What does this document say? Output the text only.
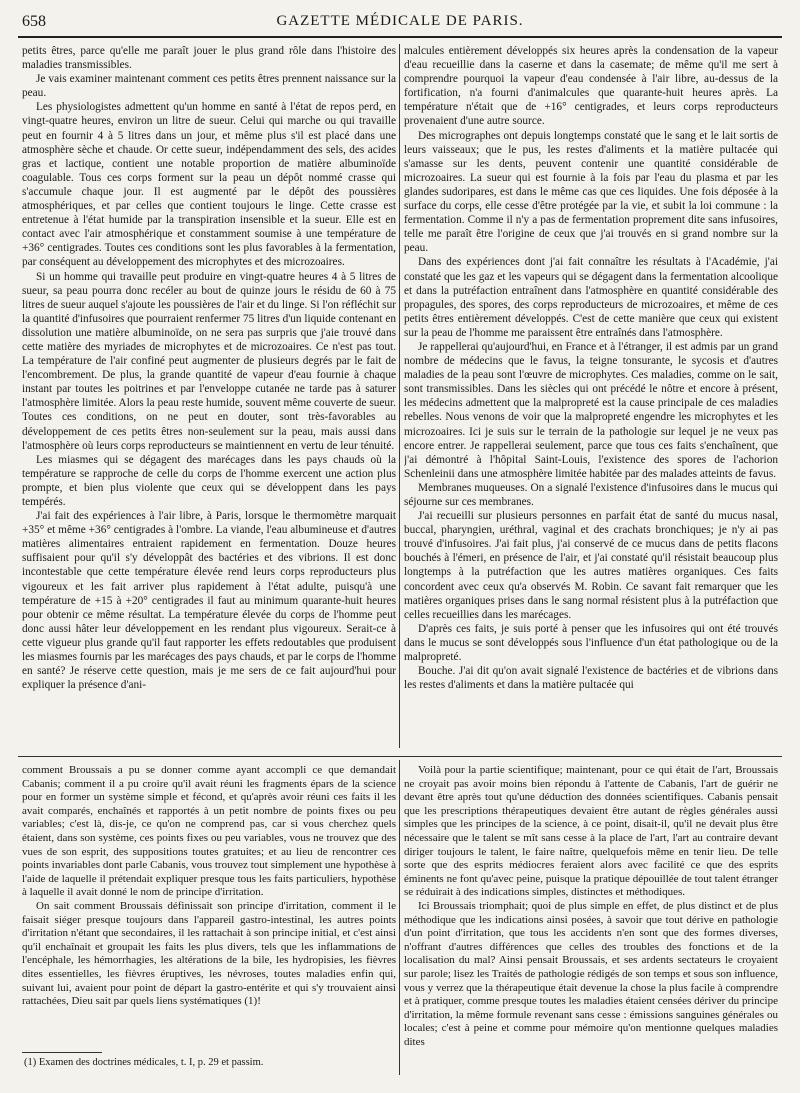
658	GAZETTE MÉDICALE DE PARIS.

petits êtres, parce qu'elle me paraît jouer le plus grand rôle dans l'histoire des maladies transmissibles.

Je vais examiner maintenant comment ces petits êtres prennent naissance sur la peau.

Les physiologistes admettent qu'un homme en santé à l'état de repos perd, en vingt-quatre heures, environ un litre de sueur. Celui qui marche ou qui travaille peut en fournir 4 à 5 litres dans un jour, et même plus s'il est placé dans une atmosphère sèche et chaude. Or cette sueur, indépendamment des sels, des acides gras et lactique, contient une notable proportion de matière albuminoïde coagulable. Tous ces corps forment sur la peau un dépôt nommé crasse qui s'accumule chaque jour. Il est augmenté par le dépôt des poussières atmosphériques, et par celles que contient toujours le linge. Cette crasse est entretenue à l'état humide par la transpiration insensible et la sueur. Elle est en contact avec l'air atmosphérique et constamment soumise à une température de +36° centigrades. Toutes ces conditions sont les plus favorables à la fermentation, par conséquent au développement des microphytes et des microzoaires.

Si un homme qui travaille peut produire en vingt-quatre heures 4 à 5 litres de sueur, sa peau pourra donc recéler au bout de quinze jours le résidu de 60 à 75 litres de sueur auquel s'ajoute les poussières de l'air et du linge. Si l'on réfléchit sur la quantité d'infusoires que pourraient renfermer 75 litres d'un liquide contenant en dissolution une matière albuminoïde, on ne sera pas surpris que j'aie trouvé dans cette matière des myriades de microphytes et de microzoaires. Ce n'est pas tout. La température de l'air confiné peut augmenter de plusieurs degrés par le fait de l'encombrement. De plus, la grande quantité de vapeur d'eau fournie à chaque instant par toutes les poitrines et par l'enveloppe cutanée ne tarde pas à saturer l'atmosphère limitée. Alors la peau reste humide, souvent même couverte de sueur. Toutes ces conditions, on ne peut en douter, sont très-favorables au développement de ces petits êtres non-seulement sur la peau, mais aussi dans l'atmosphère où leurs corps reproducteurs se maintiennent en vertu de leur ténuité.

Les miasmes qui se dégagent des marécages dans les pays chauds où la température se rapproche de celle du corps de l'homme exercent une action plus prompte, et bien plus violente que ceux qui se développent dans les pays tempérés.

J'ai fait des expériences à l'air libre, à Paris, lorsque le thermomètre marquait +35° et même +36° centigrades à l'ombre. La viande, l'eau albumineuse et d'autres matières alimentaires entraient rapidement en fermentation. Douze heures suffisaient pour qu'il s'y développât des bactéries et des vibrions. Il est donc incontestable que cette température élevée rend leurs corps reproducteurs plus vigoureux et les fait arriver plus rapidement à l'état adulte, puisqu'à une température de +15 à +20° centigrades il faut au minimum quarante-huit heures pour obtenir ce même résultat. La température élevée du corps de l'homme peut donc aussi hâter leur développement en les rendant plus vigoureux. Serait-ce à cette vigueur plus grande qu'il faut rapporter les effets redoutables que produisent les miasmes fournis par les marécages des pays chauds, et par le corps de l'homme en santé? Je réserve cette question, mais je me sers de ce fait aujourd'hui pour expliquer la présence d'ani-

malcules entièrement développés six heures après la condensation de la vapeur d'eau recueillie dans la caserne et dans la casemate; de même qu'il me sert à comprendre pourquoi la vapeur d'eau condensée à l'air libre, au-dessus de la fortification, n'a fourni d'animalcules que quarante-huit heures après. La température n'était que de +16° centigrades, et leurs corps reproducteurs provenaient d'une autre source.

Des micrographes ont depuis longtemps constaté que le sang et le lait sortis de leurs vaisseaux; que le pus, les restes d'aliments et la matière pultacée qui s'amasse sur les dents, peuvent contenir une quantité considérable de microzoaires. La sueur qui est fournie à la fois par l'eau du plasma et par les glandes sudoripares, est dans le même cas que ces liquides. Une fois déposée à la surface du corps, elle cesse d'être protégée par la vie, et subit la loi commune : la fermentation. Comme il n'y a pas de fermentation proprement dite sans infusoires, telle me paraît être l'origine de ceux que j'ai trouvés en si grand nombre sur la peau.

Dans des expériences dont j'ai fait connaître les résultats à l'Académie, j'ai constaté que les gaz et les vapeurs qui se dégagent dans la fermentation alcoolique et dans la putréfaction entraînent dans l'atmosphère en quantité considérable des propagules, des spores, des corps reproducteurs de microzoaires, et même de ces petits êtres entièrement développés. C'est de cette manière que ceux qui existent sur la peau de l'homme me paraissent être entraînés dans l'atmosphère.

Je rappellerai qu'aujourd'hui, en France et à l'étranger, il est admis par un grand nombre de médecins que le favus, la teigne tonsurante, le sycosis et d'autres maladies de la peau sont l'œuvre de microphytes. Ces maladies, comme on le sait, sont transmissibles. Dans les siècles qui ont précédé le nôtre et encore à présent, les médecins admettent que la malpropreté est la cause principale de ces maladies rebelles. Nous venons de voir que la malpropreté engendre les microphytes et les microzoaires. Ici je suis sur le terrain de la pathologie sur lequel je ne veux pas encore entrer. Je rappellerai seulement, parce que tous ces faits s'enchaînent, que j'ai démontré à l'hôpital Saint-Louis, l'existence des spores de l'achorion Schenleinii dans une atmosphère limitée habitée par des malades atteints de favus.

Membranes muqueuses. On a signalé l'existence d'infusoires dans le mucus qui séjourne sur ces membranes.

J'ai recueilli sur plusieurs personnes en parfait état de santé du mucus nasal, buccal, pharyngien, uréthral, vaginal et des crachats bronchiques; je n'y ai pas trouvé d'infusoires. J'ai fait plus, j'ai conservé de ce mucus dans de petits flacons bouchés à l'émeri, en présence de l'air, et j'ai constaté qu'il résistait beaucoup plus longtemps à la putréfaction que les autres matières organiques. Ces faits concordent avec ceux qu'a observés M. Robin. Ce savant fait remarquer que les matières organiques prises dans le sang normal résistent plus à la putréfaction que celles recueillies dans les marécages.

D'après ces faits, je suis porté à penser que les infusoires qui ont été trouvés dans le mucus se sont développés sous l'influence d'un état pathologique ou de la malpropreté.

Bouche. J'ai dit qu'on avait signalé l'existence de bactéries et de vibrions dans les restes d'aliments et dans la matière pultacée qui

comment Broussais a pu se donner comme ayant accompli ce que demandait Cabanis; comment il a pu croire qu'il avait réuni les fragments épars de la science pour en former un système simple et fécond, et qu'après avoir réuni ces faits il les avait comparés, enchaînés et rapportés à un petit nombre de points fixes ou peu variables; c'est là, dis-je, ce qu'on ne comprend pas, car si vous cherchez quels étaient, dans son système, ces points fixes ou peu variables, vous ne trouvez que des vues de son esprit, des suppositions toutes gratuites; et au lieu de rencontrer ces points invariables dont parle Cabanis, vous trouvez tout simplement une hypothèse à l'aide de laquelle il prétendait expliquer presque tous les faits particuliers, hypothèse à laquelle il avait donné le nom de principe d'irritation.

On sait comment Broussais définissait son principe d'irritation, comment il le faisait siéger presque toujours dans l'appareil gastro-intestinal, les autres points d'irritation n'étant que secondaires, il les rattachait à son principe initial, et c'est ainsi qu'il enchaînait et groupait les faits les plus divers, tels que les inflammations de l'encéphale, les hémorrhagies, les altérations de la bile, les hydropisies, les fièvres dites essentielles, les fièvres éruptives, les névroses, toutes maladies enfin qui, suivant lui, avaient pour point de départ la gastro-entérite et qui s'y trouvaient ainsi rattachées, Dieu sait par quels liens systématiques (1)!

Voilà pour la partie scientifique; maintenant, pour ce qui était de l'art, Broussais ne croyait pas avoir moins bien répondu à l'attente de Cabanis, l'art de guérir ne devant être après tout qu'une déduction des données scientifiques. Cabanis pensait que les prescriptions thérapeutiques devaient être autant de règles générales aussi simples que les principes de la science, à ce point, disait-il, qu'il ne devait plus être nécessaire que le talent se mît sans cesse à la place de l'art, l'art au contraire devant diriger toujours le talent, le faire naître, quelquefois même en tenir lieu. De telle sorte que des esprits médiocres feraient alors avec facilité ce que des esprits éminents ne font qu'avec peine, puisque la pratique dépouillée de tout talent étranger se réduirait à des indications simples, distinctes et méthodiques.

Ici Broussais triomphait; quoi de plus simple en effet, de plus distinct et de plus méthodique que les indications ainsi posées, à savoir que tout dérive en pathologie d'un point d'irritation, que tous les accidents n'en sont que des formes diverses, n'offrant d'autres différences que celles des troubles des fonctions et de la localisation du mal? Ainsi pensait Broussais, et ses ardents sectateurs le croyaient sur parole; lisez les Traités de pathologie rédigés de son temps et sous son influence, vous y verrez que la thérapeutique était devenue la chose la plus facile à comprendre et à pratiquer, comme presque toutes les maladies étaient censées dériver du principe d'irritation, la même formule revenant sans cesse : émissions sanguines générales ou locales; c'est à peine et comme pour mémoire qu'on mentionne quelques maladies dites

(1) Examen des doctrines médicales, t. I, p. 29 et passim.
